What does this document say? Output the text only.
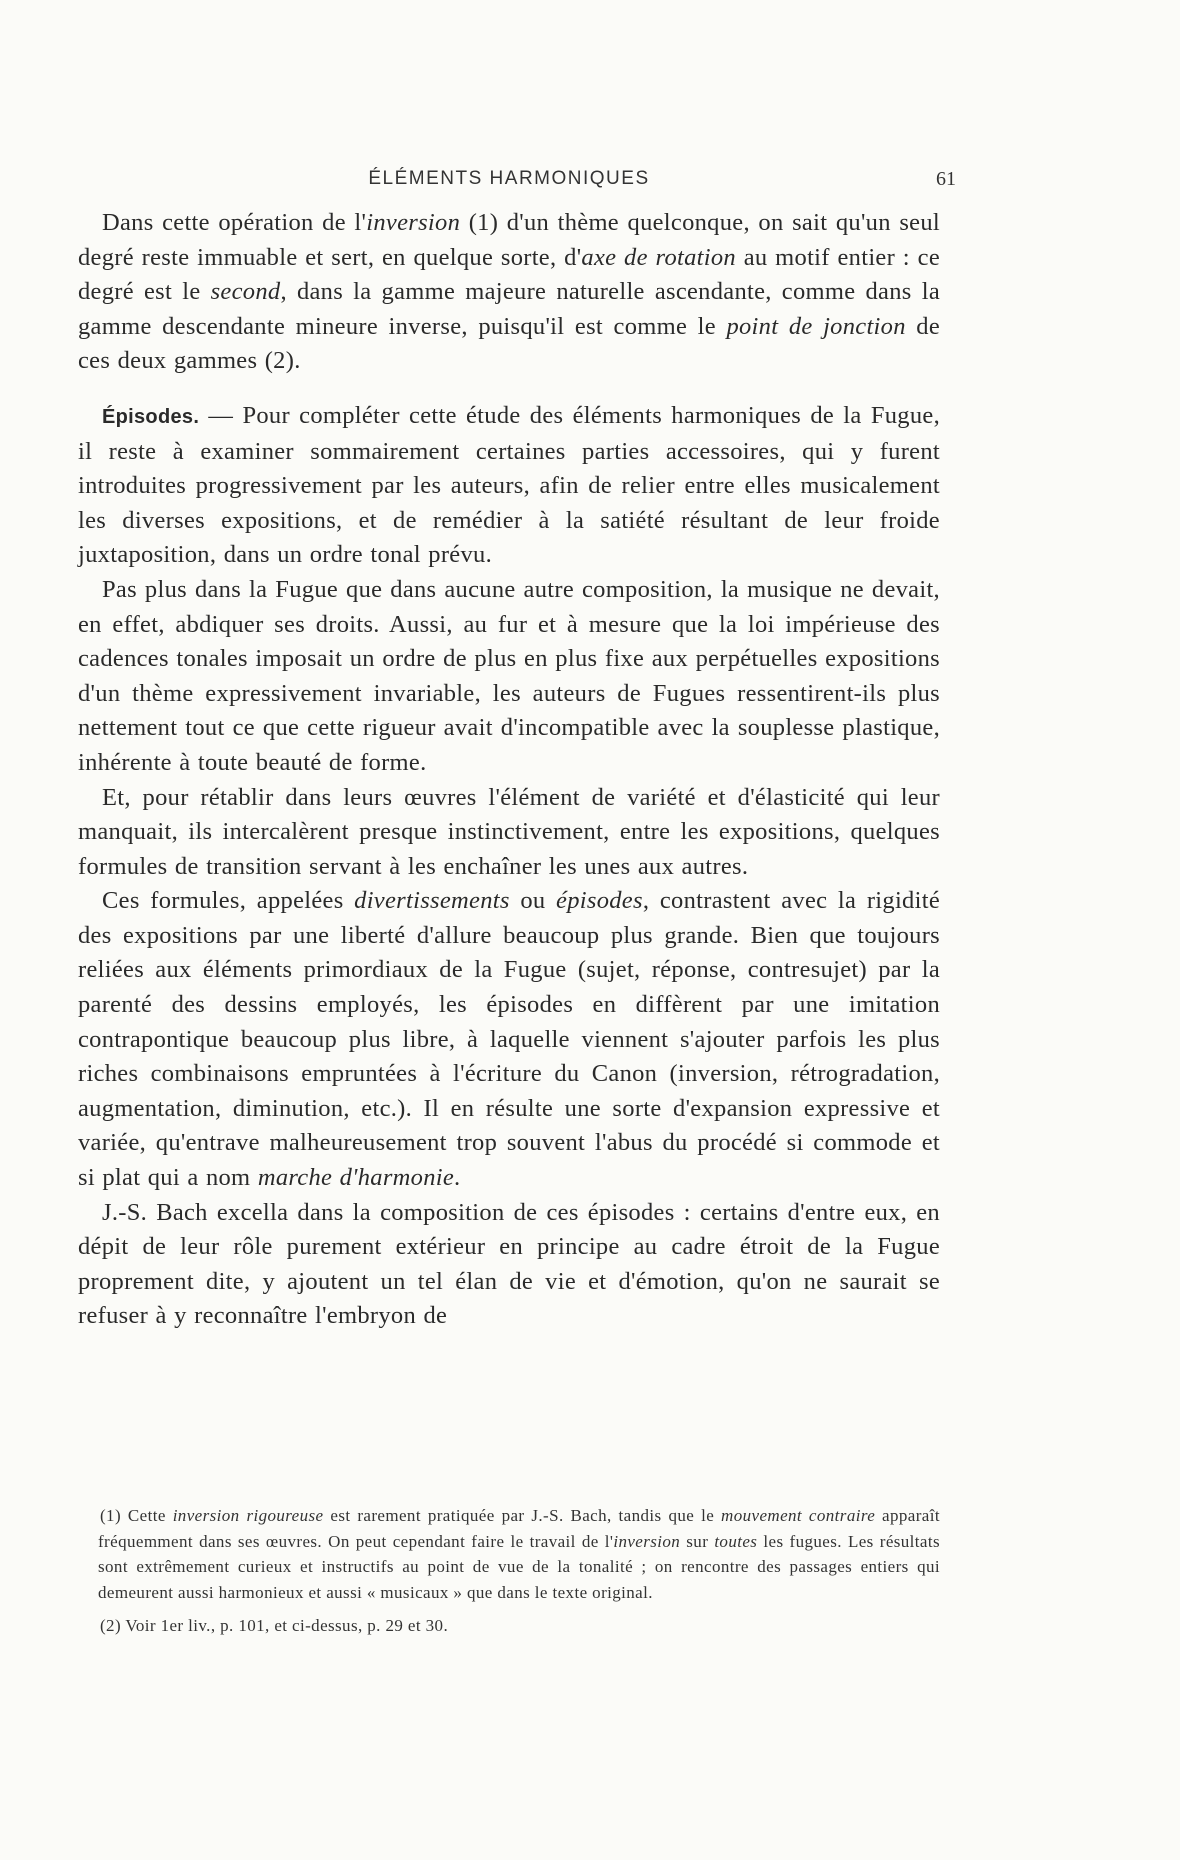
ÉLÉMENTS HARMONIQUES	61

Dans cette opération de l'inversion (1) d'un thème quelconque, on sait qu'un seul degré reste immuable et sert, en quelque sorte, d'axe de rotation au motif entier : ce degré est le second, dans la gamme majeure naturelle ascendante, comme dans la gamme descendante mineure inverse, puisqu'il est comme le point de jonction de ces deux gammes (2).

Épisodes. — Pour compléter cette étude des éléments harmoniques de la Fugue, il reste à examiner sommairement certaines parties accessoires, qui y furent introduites progressivement par les auteurs, afin de relier entre elles musicalement les diverses expositions, et de remédier à la satiété résultant de leur froide juxtaposition, dans un ordre tonal prévu.

Pas plus dans la Fugue que dans aucune autre composition, la musique ne devait, en effet, abdiquer ses droits. Aussi, au fur et à mesure que la loi impérieuse des cadences tonales imposait un ordre de plus en plus fixe aux perpétuelles expositions d'un thème expressivement invariable, les auteurs de Fugues ressentirent-ils plus nettement tout ce que cette rigueur avait d'incompatible avec la souplesse plastique, inhérente à toute beauté de forme.

Et, pour rétablir dans leurs œuvres l'élément de variété et d'élasticité qui leur manquait, ils intercalèrent presque instinctivement, entre les expositions, quelques formules de transition servant à les enchaîner les unes aux autres.

Ces formules, appelées divertissements ou épisodes, contrastent avec la rigidité des expositions par une liberté d'allure beaucoup plus grande. Bien que toujours reliées aux éléments primordiaux de la Fugue (sujet, réponse, contresujet) par la parenté des dessins employés, les épisodes en diffèrent par une imitation contrapontique beaucoup plus libre, à laquelle viennent s'ajouter parfois les plus riches combinaisons empruntées à l'écriture du Canon (inversion, rétrogradation, augmentation, diminution, etc.). Il en résulte une sorte d'expansion expressive et variée, qu'entrave malheureusement trop souvent l'abus du procédé si commode et si plat qui a nom marche d'harmonie.

J.-S. Bach excella dans la composition de ces épisodes : certains d'entre eux, en dépit de leur rôle purement extérieur en principe au cadre étroit de la Fugue proprement dite, y ajoutent un tel élan de vie et d'émotion, qu'on ne saurait se refuser à y reconnaître l'embryon de

(1) Cette inversion rigoureuse est rarement pratiquée par J.-S. Bach, tandis que le mouvement contraire apparaît fréquemment dans ses œuvres. On peut cependant faire le travail de l'inversion sur toutes les fugues. Les résultats sont extrêmement curieux et instructifs au point de vue de la tonalité ; on rencontre des passages entiers qui demeurent aussi harmonieux et aussi « musicaux » que dans le texte original.

(2) Voir 1er liv., p. 101, et ci-dessus, p. 29 et 30.
